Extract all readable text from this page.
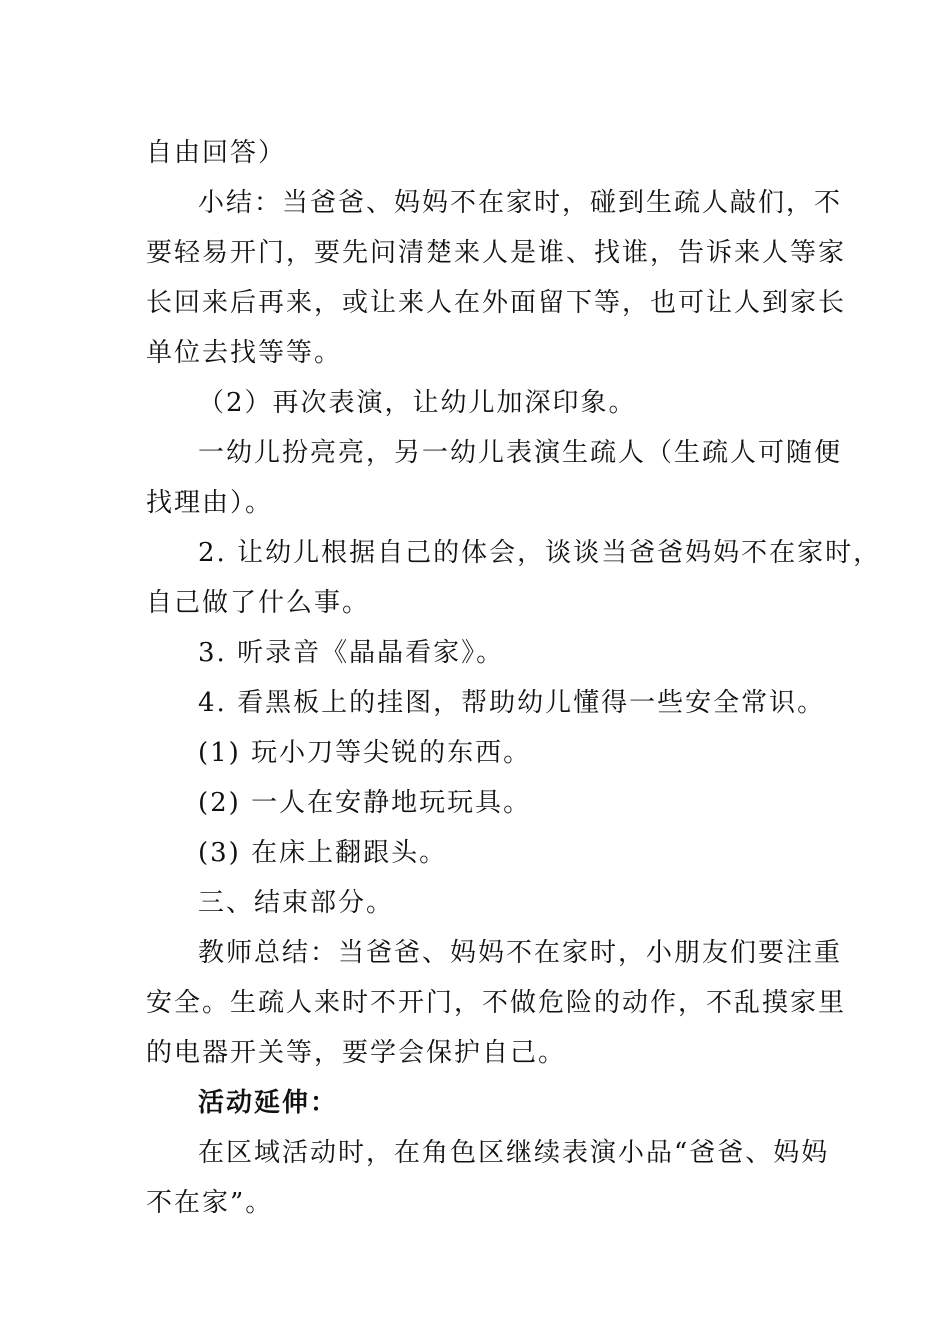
自由回答）
小结：当爸爸、妈妈不在家时，碰到生疏人敲们，不
要轻易开门，要先问清楚来人是谁、找谁，告诉来人等家
长回来后再来，或让来人在外面留下等，也可让人到家长
单位去找等等。
（2）再次表演，让幼儿加深印象。
一幼儿扮亮亮，另一幼儿表演生疏人（生疏人可随便
找理由）。
2. 让幼儿根据自己的体会，谈谈当爸爸妈妈不在家时，
自己做了什么事。
3. 听录音《晶晶看家》。
4. 看黑板上的挂图，帮助幼儿懂得一些安全常识。
(1) 玩小刀等尖锐的东西。
(2) 一人在安静地玩玩具。
(3) 在床上翻跟头。
三、结束部分。
教师总结：当爸爸、妈妈不在家时，小朋友们要注重
安全。生疏人来时不开门，不做危险的动作，不乱摸家里
的电器开关等，要学会保护自己。
活动延伸：
在区域活动时，在角色区继续表演小品“爸爸、妈妈
不在家”。
